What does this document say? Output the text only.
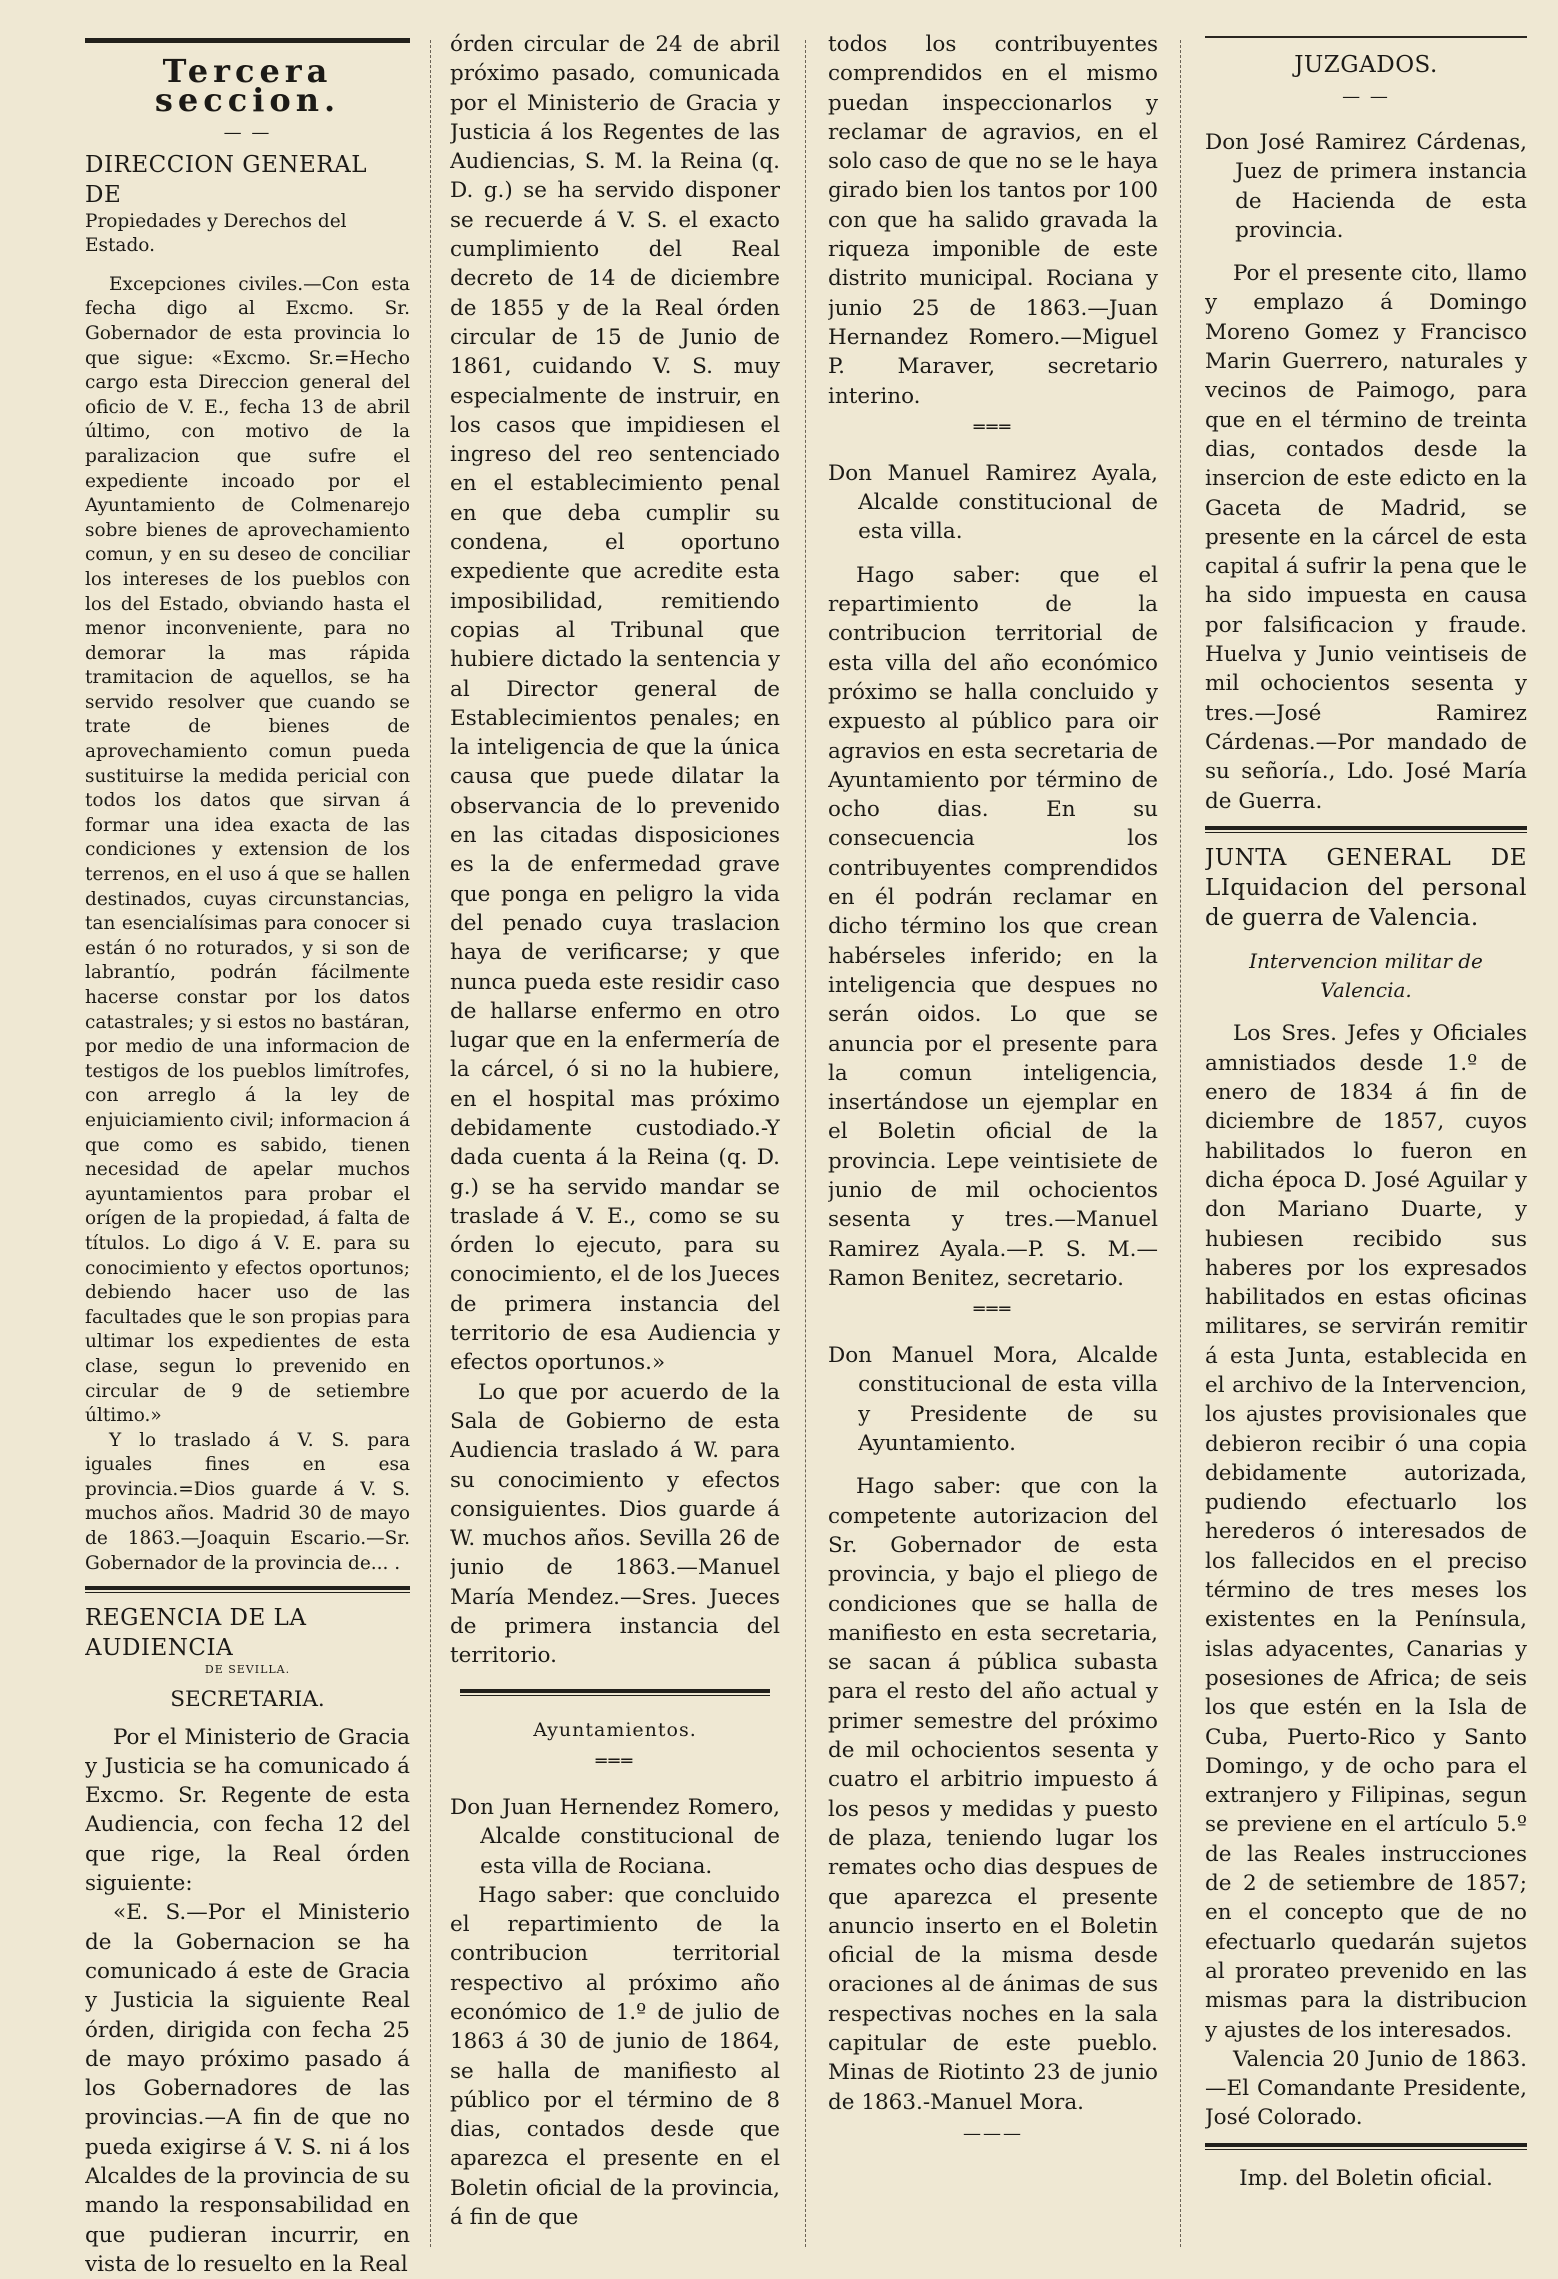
Tercera seccion.
— —
DIRECCION GENERAL DE
Propiedades y Derechos del Estado.

Excepciones civiles.—Con esta fecha digo al Excmo. Sr. Gobernador de esta provincia lo que sigue: «Excmo. Sr.=Hecho cargo esta Direccion general del oficio de V. E., fecha 13 de abril último, con motivo de la paralizacion que sufre el expediente incoado por el Ayuntamiento de Colmenarejo sobre bienes de aprovechamiento comun, y en su deseo de conciliar los intereses de los pueblos con los del Estado, obviando hasta el menor inconveniente, para no demorar la mas rápida tramitacion de aquellos, se ha servido resolver que cuando se trate de bienes de aprovechamiento comun pueda sustituirse la medida pericial con todos los datos que sirvan á formar una idea exacta de las condiciones y extension de los terrenos, en el uso á que se hallen destinados, cuyas circunstancias, tan esencialísimas para conocer si están ó no roturados, y si son de labrantío, podrán fácilmente hacerse constar por los datos catastrales; y si estos no bastáran, por medio de una informacion de testigos de los pueblos limítrofes, con arreglo á la ley de enjuiciamiento civil; informacion á que como es sabido, tienen necesidad de apelar muchos ayuntamientos para probar el orígen de la propiedad, á falta de títulos. Lo digo á V. E. para su conocimiento y efectos oportunos; debiendo hacer uso de las facultades que le son propias para ultimar los expedientes de esta clase, segun lo prevenido en circular de 9 de setiembre último.»

Y lo traslado á V. S. para iguales fines en esa provincia.=Dios guarde á V. S. muchos años. Madrid 30 de mayo de 1863.—Joaquin Escario.—Sr. Gobernador de la provincia de... .

REGENCIA DE LA AUDIENCIA
DE SEVILLA.
SECRETARIA.

Por el Ministerio de Gracia y Justicia se ha comunicado á Excmo. Sr. Regente de esta Audiencia, con fecha 12 del que rige, la Real órden siguiente:

«E. S.—Por el Ministerio de la Gobernacion se ha comunicado á este de Gracia y Justicia la siguiente Real órden, dirigida con fecha 25 de mayo próximo pasado á los Gobernadores de las provincias.—A fin de que no pueda exigirse á V. S. ni á los Alcaldes de la provincia de su mando la responsabilidad en que pudieran incurrir, en vista de lo resuelto en la Real

órden circular de 24 de abril próximo pasado, comunicada por el Ministerio de Gracia y Justicia á los Regentes de las Audiencias, S. M. la Reina (q. D. g.) se ha servido disponer se recuerde á V. S. el exacto cumplimiento del Real decreto de 14 de diciembre de 1855 y de la Real órden circular de 15 de Junio de 1861, cuidando V. S. muy especialmente de instruir, en los casos que impidiesen el ingreso del reo sentenciado en el establecimiento penal en que deba cumplir su condena, el oportuno expediente que acredite esta imposibilidad, remitiendo copias al Tribunal que hubiere dictado la sentencia y al Director general de Establecimientos penales; en la inteligencia de que la única causa que puede dilatar la observancia de lo prevenido en las citadas disposiciones es la de enfermedad grave que ponga en peligro la vida del penado cuya traslacion haya de verificarse; y que nunca pueda este residir caso de hallarse enfermo en otro lugar que en la enfermería de la cárcel, ó si no la hubiere, en el hospital mas próximo debidamente custodiado.-Y dada cuenta á la Reina (q. D. g.) se ha servido mandar se traslade á V. E., como se su órden lo ejecuto, para su conocimiento, el de los Jueces de primera instancia del territorio de esa Audiencia y efectos oportunos.»

Lo que por acuerdo de la Sala de Gobierno de esta Audiencia traslado á W. para su conocimiento y efectos consiguientes. Dios guarde á W. muchos años. Sevilla 26 de junio de 1863.—Manuel María Mendez.—Sres. Jueces de primera instancia del territorio.

Ayuntamientos.
═══

Don Juan Hernendez Romero, Alcalde constitucional de esta villa de Rociana.

Hago saber: que concluido el repartimiento de la contribucion territorial respectivo al próximo año económico de 1.º de julio de 1863 á 30 de junio de 1864, se halla de manifiesto al público por el término de 8 dias, contados desde que aparezca el presente en el Boletin oficial de la provincia, á fin de que

todos los contribuyentes comprendidos en el mismo puedan inspeccionarlos y reclamar de agravios, en el solo caso de que no se le haya girado bien los tantos por 100 con que ha salido gravada la riqueza imponible de este distrito municipal. Rociana y junio 25 de 1863.—Juan Hernandez Romero.—Miguel P. Maraver, secretario interino.

═══

Don Manuel Ramirez Ayala, Alcalde constitucional de esta villa.

Hago saber: que el repartimiento de la contribucion territorial de esta villa del año económico próximo se halla concluido y expuesto al público para oir agravios en esta secretaria de Ayuntamiento por término de ocho dias. En su consecuencia los contribuyentes comprendidos en él podrán reclamar en dicho término los que crean habérseles inferido; en la inteligencia que despues no serán oidos. Lo que se anuncia por el presente para la comun inteligencia, insertándose un ejemplar en el Boletin oficial de la provincia. Lepe veintisiete de junio de mil ochocientos sesenta y tres.—Manuel Ramirez Ayala.—P. S. M.—Ramon Benitez, secretario.

═══

Don Manuel Mora, Alcalde constitucional de esta villa y Presidente de su Ayuntamiento.

Hago saber: que con la competente autorizacion del Sr. Gobernador de esta provincia, y bajo el pliego de condiciones que se halla de manifiesto en esta secretaria, se sacan á pública subasta para el resto del año actual y primer semestre del próximo de mil ochocientos sesenta y cuatro el arbitrio impuesto á los pesos y medidas y puesto de plaza, teniendo lugar los remates ocho dias despues de que aparezca el presente anuncio inserto en el Boletin oficial de la misma desde oraciones al de ánimas de sus respectivas noches en la sala capitular de este pueblo. Minas de Riotinto 23 de junio de 1863.-Manuel Mora.

———
JUZGADOS.
— —

Don José Ramirez Cárdenas, Juez de primera instancia de Hacienda de esta provincia.

Por el presente cito, llamo y emplazo á Domingo Moreno Gomez y Francisco Marin Guerrero, naturales y vecinos de Paimogo, para que en el término de treinta dias, contados desde la insercion de este edicto en la Gaceta de Madrid, se presente en la cárcel de esta capital á sufrir la pena que le ha sido impuesta en causa por falsificacion y fraude. Huelva y Junio veintiseis de mil ochocientos sesenta y tres.—José Ramirez Cárdenas.—Por mandado de su señoría., Ldo. José María de Guerra.

JUNTA GENERAL DE LIquidacion del personal de guerra de Valencia.

Intervencion militar de Valencia.

Los Sres. Jefes y Oficiales amnistiados desde 1.º de enero de 1834 á fin de diciembre de 1857, cuyos habilitados lo fueron en dicha época D. José Aguilar y don Mariano Duarte, y hubiesen recibido sus haberes por los expresados habilitados en estas oficinas militares, se servirán remitir á esta Junta, establecida en el archivo de la Intervencion, los ajustes provisionales que debieron recibir ó una copia debidamente autorizada, pudiendo efectuarlo los herederos ó interesados de los fallecidos en el preciso término de tres meses los existentes en la Península, islas adyacentes, Canarias y posesiones de Africa; de seis los que estén en la Isla de Cuba, Puerto-Rico y Santo Domingo, y de ocho para el extranjero y Filipinas, segun se previene en el artículo 5.º de las Reales instrucciones de 2 de setiembre de 1857; en el concepto que de no efectuarlo quedarán sujetos al prorateo prevenido en las mismas para la distribucion y ajustes de los interesados.

Valencia 20 Junio de 1863. —El Comandante Presidente, José Colorado.

Imp. del Boletin oficial.
